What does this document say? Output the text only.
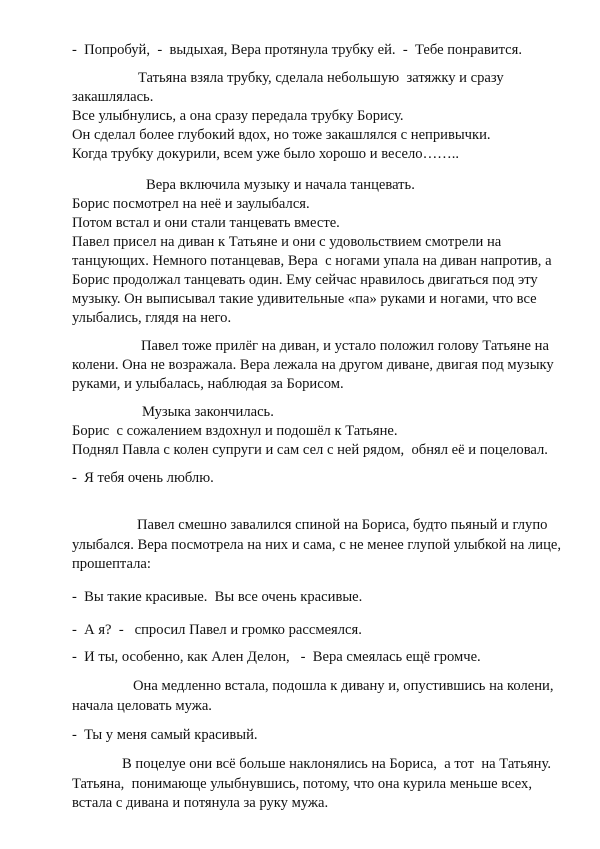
-  Попробуй,  -  выдыхая, Вера протянула трубку ей.  -  Тебе понравится.
Татьяна взяла трубку, сделала небольшую  затяжку и сразу
закашлялась.
Все улыбнулись, а она сразу передала трубку Борису.
Он сделал более глубокий вдох, но тоже закашлялся с непривычки.
Когда трубку докурили, всем уже было хорошо и весело……..
Вера включила музыку и начала танцевать.
Борис посмотрел на неё и заулыбался.
Потом встал и они стали танцевать вместе.
Павел присел на диван к Татьяне и они с удовольствием смотрели на
танцующих. Немного потанцевав, Вера  с ногами упала на диван напротив, а
Борис продолжал танцевать один. Ему сейчас нравилось двигаться под эту
музыку. Он выписывал такие удивительные «па» руками и ногами, что все
улыбались, глядя на него.
Павел тоже прилёг на диван, и устало положил голову Татьяне на
колени. Она не возражала. Вера лежала на другом диване, двигая под музыку
руками, и улыбалась, наблюдая за Борисом.
Музыка закончилась.
Борис  с сожалением вздохнул и подошёл к Татьяне.
Поднял Павла с колен супруги и сам сел с ней рядом,  обнял её и поцеловал.
-  Я тебя очень люблю.
Павел смешно завалился спиной на Бориса, будто пьяный и глупо
улыбался. Вера посмотрела на них и сама, с не менее глупой улыбкой на лице,
прошептала:
-  Вы такие красивые.  Вы все очень красивые.
-  А я?  -   спросил Павел и громко рассмеялся.
-  И ты, особенно, как Ален Делон,   -  Вера смеялась ещё громче.
Она медленно встала, подошла к дивану и, опустившись на колени,
начала целовать мужа.
-  Ты у меня самый красивый.
В поцелуе они всё больше наклонялись на Бориса,  а тот  на Татьяну.
Татьяна,  понимающе улыбнувшись, потому, что она курила меньше всех,
встала с дивана и потянула за руку мужа.
